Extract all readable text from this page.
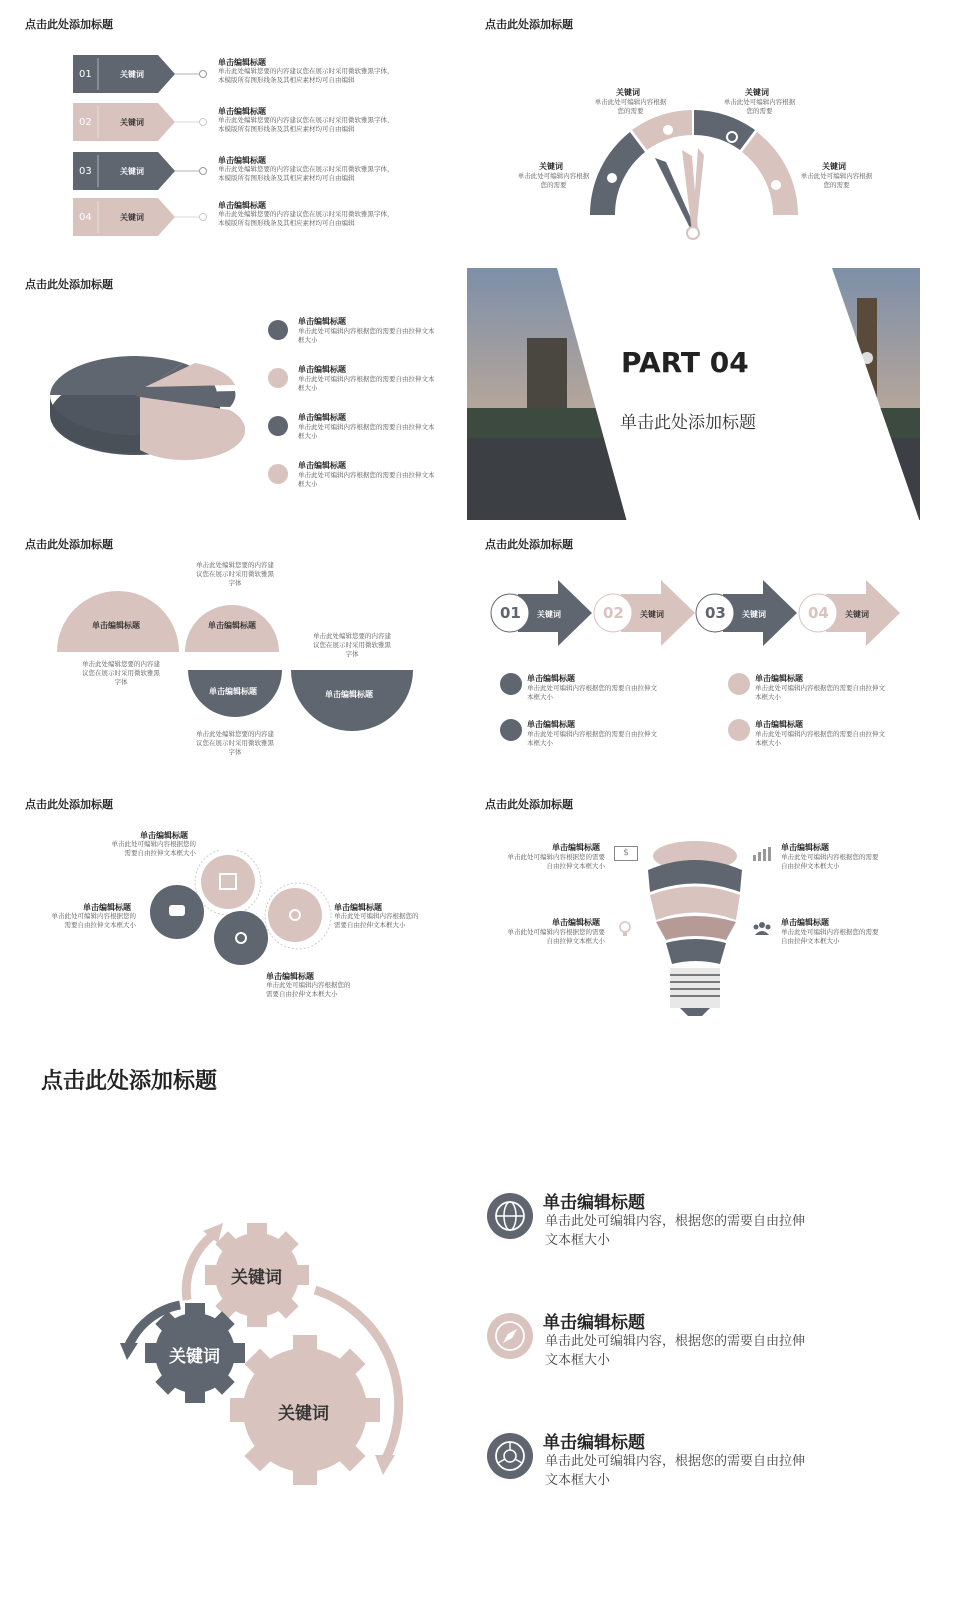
点击此处添加标题
01	关键词
02	关键词
03	关键词
04	关键词
单击编辑标题
单击此处编辑您要的内容建议您在展示时采用微软雅黑字体，本模版所有图形线条及其相应素材均可自由编辑
单击编辑标题
单击此处编辑您要的内容建议您在展示时采用微软雅黑字体，本模版所有图形线条及其相应素材均可自由编辑
单击编辑标题
单击此处编辑您要的内容建议您在展示时采用微软雅黑字体，本模版所有图形线条及其相应素材均可自由编辑
单击编辑标题
单击此处编辑您要的内容建议您在展示时采用微软雅黑字体，本模版所有图形线条及其相应素材均可自由编辑
点击此处添加标题
关键词
单击此处可编辑内容根据您的需要
关键词
单击此处可编辑内容根据您的需要
关键词
单击此处可编辑内容根据您的需要
关键词
单击此处可编辑内容根据您的需要
点击此处添加标题
单击编辑标题
单击此处可编辑内容根据您的需要自由拉伸文本框大小
单击编辑标题
单击此处可编辑内容根据您的需要自由拉伸文本框大小
单击编辑标题
单击此处可编辑内容根据您的需要自由拉伸文本框大小
单击编辑标题
单击此处可编辑内容根据您的需要自由拉伸文本框大小
PART 04
单击此处添加标题
点击此处添加标题
单击编辑标题	单击编辑标题
单击编辑标题	单击编辑标题
单击此处编辑您要的内容建议您在展示时采用微软雅黑字体
单击此处编辑您要的内容建议您在展示时采用微软雅黑字体
单击此处编辑您要的内容建议您在展示时采用微软雅黑字体
单击此处编辑您要的内容建议您在展示时采用微软雅黑字体
点击此处添加标题
01 关键词	02 关键词	03 关键词	04 关键词
单击编辑标题
单击此处可编辑内容根据您的需要自由拉伸文本框大小
单击编辑标题
单击此处可编辑内容根据您的需要自由拉伸文本框大小
单击编辑标题
单击此处可编辑内容根据您的需要自由拉伸文本框大小
单击编辑标题
单击此处可编辑内容根据您的需要自由拉伸文本框大小
点击此处添加标题
单击编辑标题
单击此处可编辑内容根据您的需要自由拉伸文本框大小
单击编辑标题
单击此处可编辑内容根据您的需要自由拉伸文本框大小
单击编辑标题
单击此处可编辑内容根据您的需要自由拉伸文本框大小
单击编辑标题
单击此处可编辑内容根据您的需要自由拉伸文本框大小
点击此处添加标题
$
单击编辑标题
单击此处可编辑内容根据您的需要自由拉伸文本框大小
单击编辑标题
单击此处可编辑内容根据您的需要自由拉伸文本框大小
单击编辑标题
单击此处可编辑内容根据您的需要自由拉伸文本框大小
单击编辑标题
单击此处可编辑内容根据您的需要自由拉伸文本框大小
点击此处添加标题
关键词
关键词
关键词
单击编辑标题
单击此处可编辑内容，根据您的需要自由拉伸文本框大小
单击编辑标题
单击此处可编辑内容，根据您的需要自由拉伸文本框大小
单击编辑标题
单击此处可编辑内容，根据您的需要自由拉伸文本框大小
